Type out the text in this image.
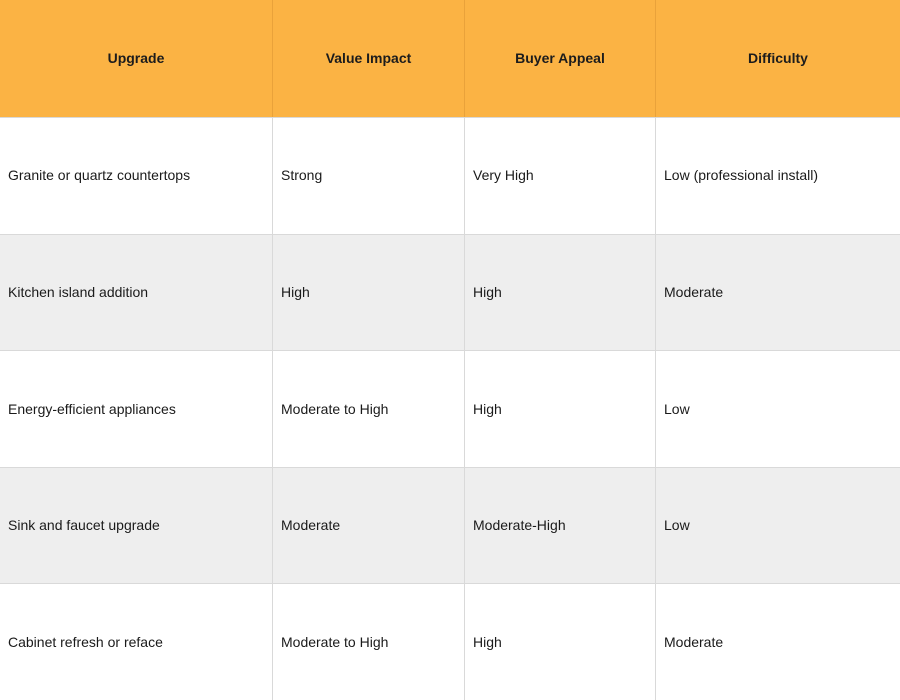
Upgrade	Value Impact	Buyer Appeal	Difficulty
Granite or quartz countertops	Strong	Very High	Low (professional install)
Kitchen island addition	High	High	Moderate
Energy-efficient appliances	Moderate to High	High	Low
Sink and faucet upgrade	Moderate	Moderate-High	Low
Cabinet refresh or reface	Moderate to High	High	Moderate
